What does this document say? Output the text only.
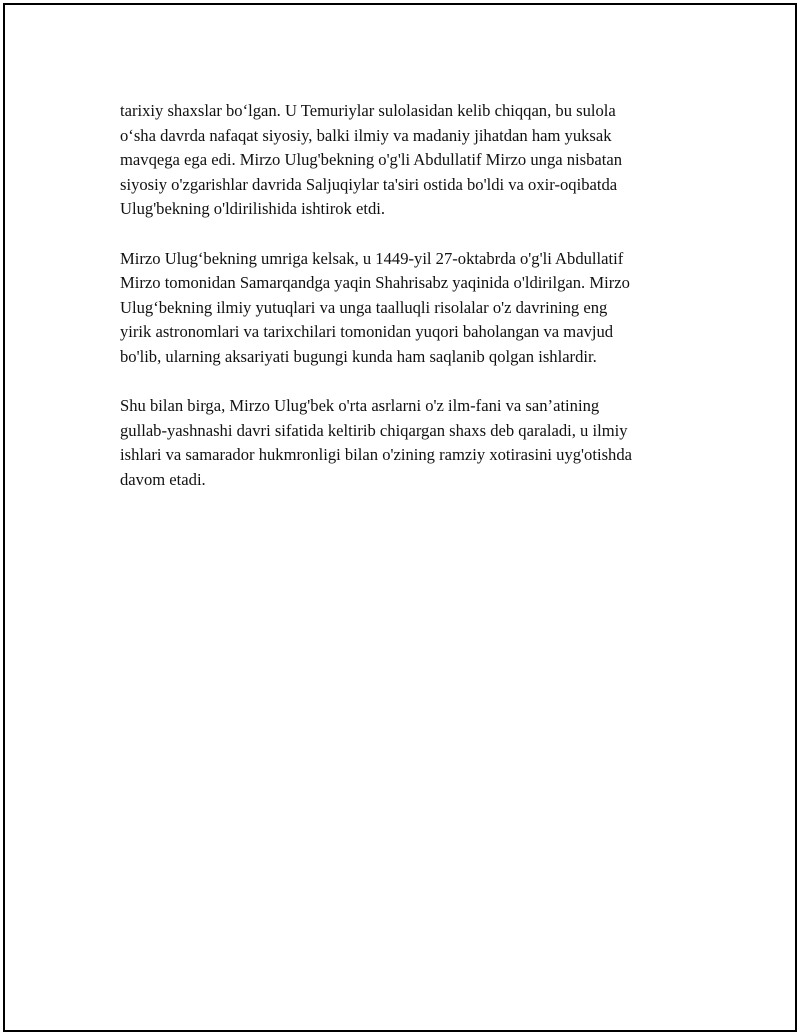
tarixiy shaxslar bo‘lgan. U Temuriylar sulolasidan kelib chiqqan, bu sulola
o‘sha davrda nafaqat siyosiy, balki ilmiy va madaniy jihatdan ham yuksak
mavqega ega edi. Mirzo Ulug'bekning o'g'li Abdullatif Mirzo unga nisbatan
siyosiy o'zgarishlar davrida Saljuqiylar ta'siri ostida bo'ldi va oxir-oqibatda
Ulug'bekning o'ldirilishida ishtirok etdi.

Mirzo Ulug‘bekning umriga kelsak, u 1449-yil 27-oktabrda o'g'li Abdullatif
Mirzo tomonidan Samarqandga yaqin Shahrisabz yaqinida o'ldirilgan. Mirzo
Ulug‘bekning ilmiy yutuqlari va unga taalluqli risolalar o'z davrining eng
yirik astronomlari va tarixchilari tomonidan yuqori baholangan va mavjud
bo'lib, ularning aksariyati bugungi kunda ham saqlanib qolgan ishlardir.

Shu bilan birga, Mirzo Ulug'bek o'rta asrlarni o'z ilm-fani va san’atining
gullab-yashnashi davri sifatida keltirib chiqargan shaxs deb qaraladi, u ilmiy
ishlari va samarador hukmronligi bilan o'zining ramziy xotirasini uyg'otishda
davom etadi.
